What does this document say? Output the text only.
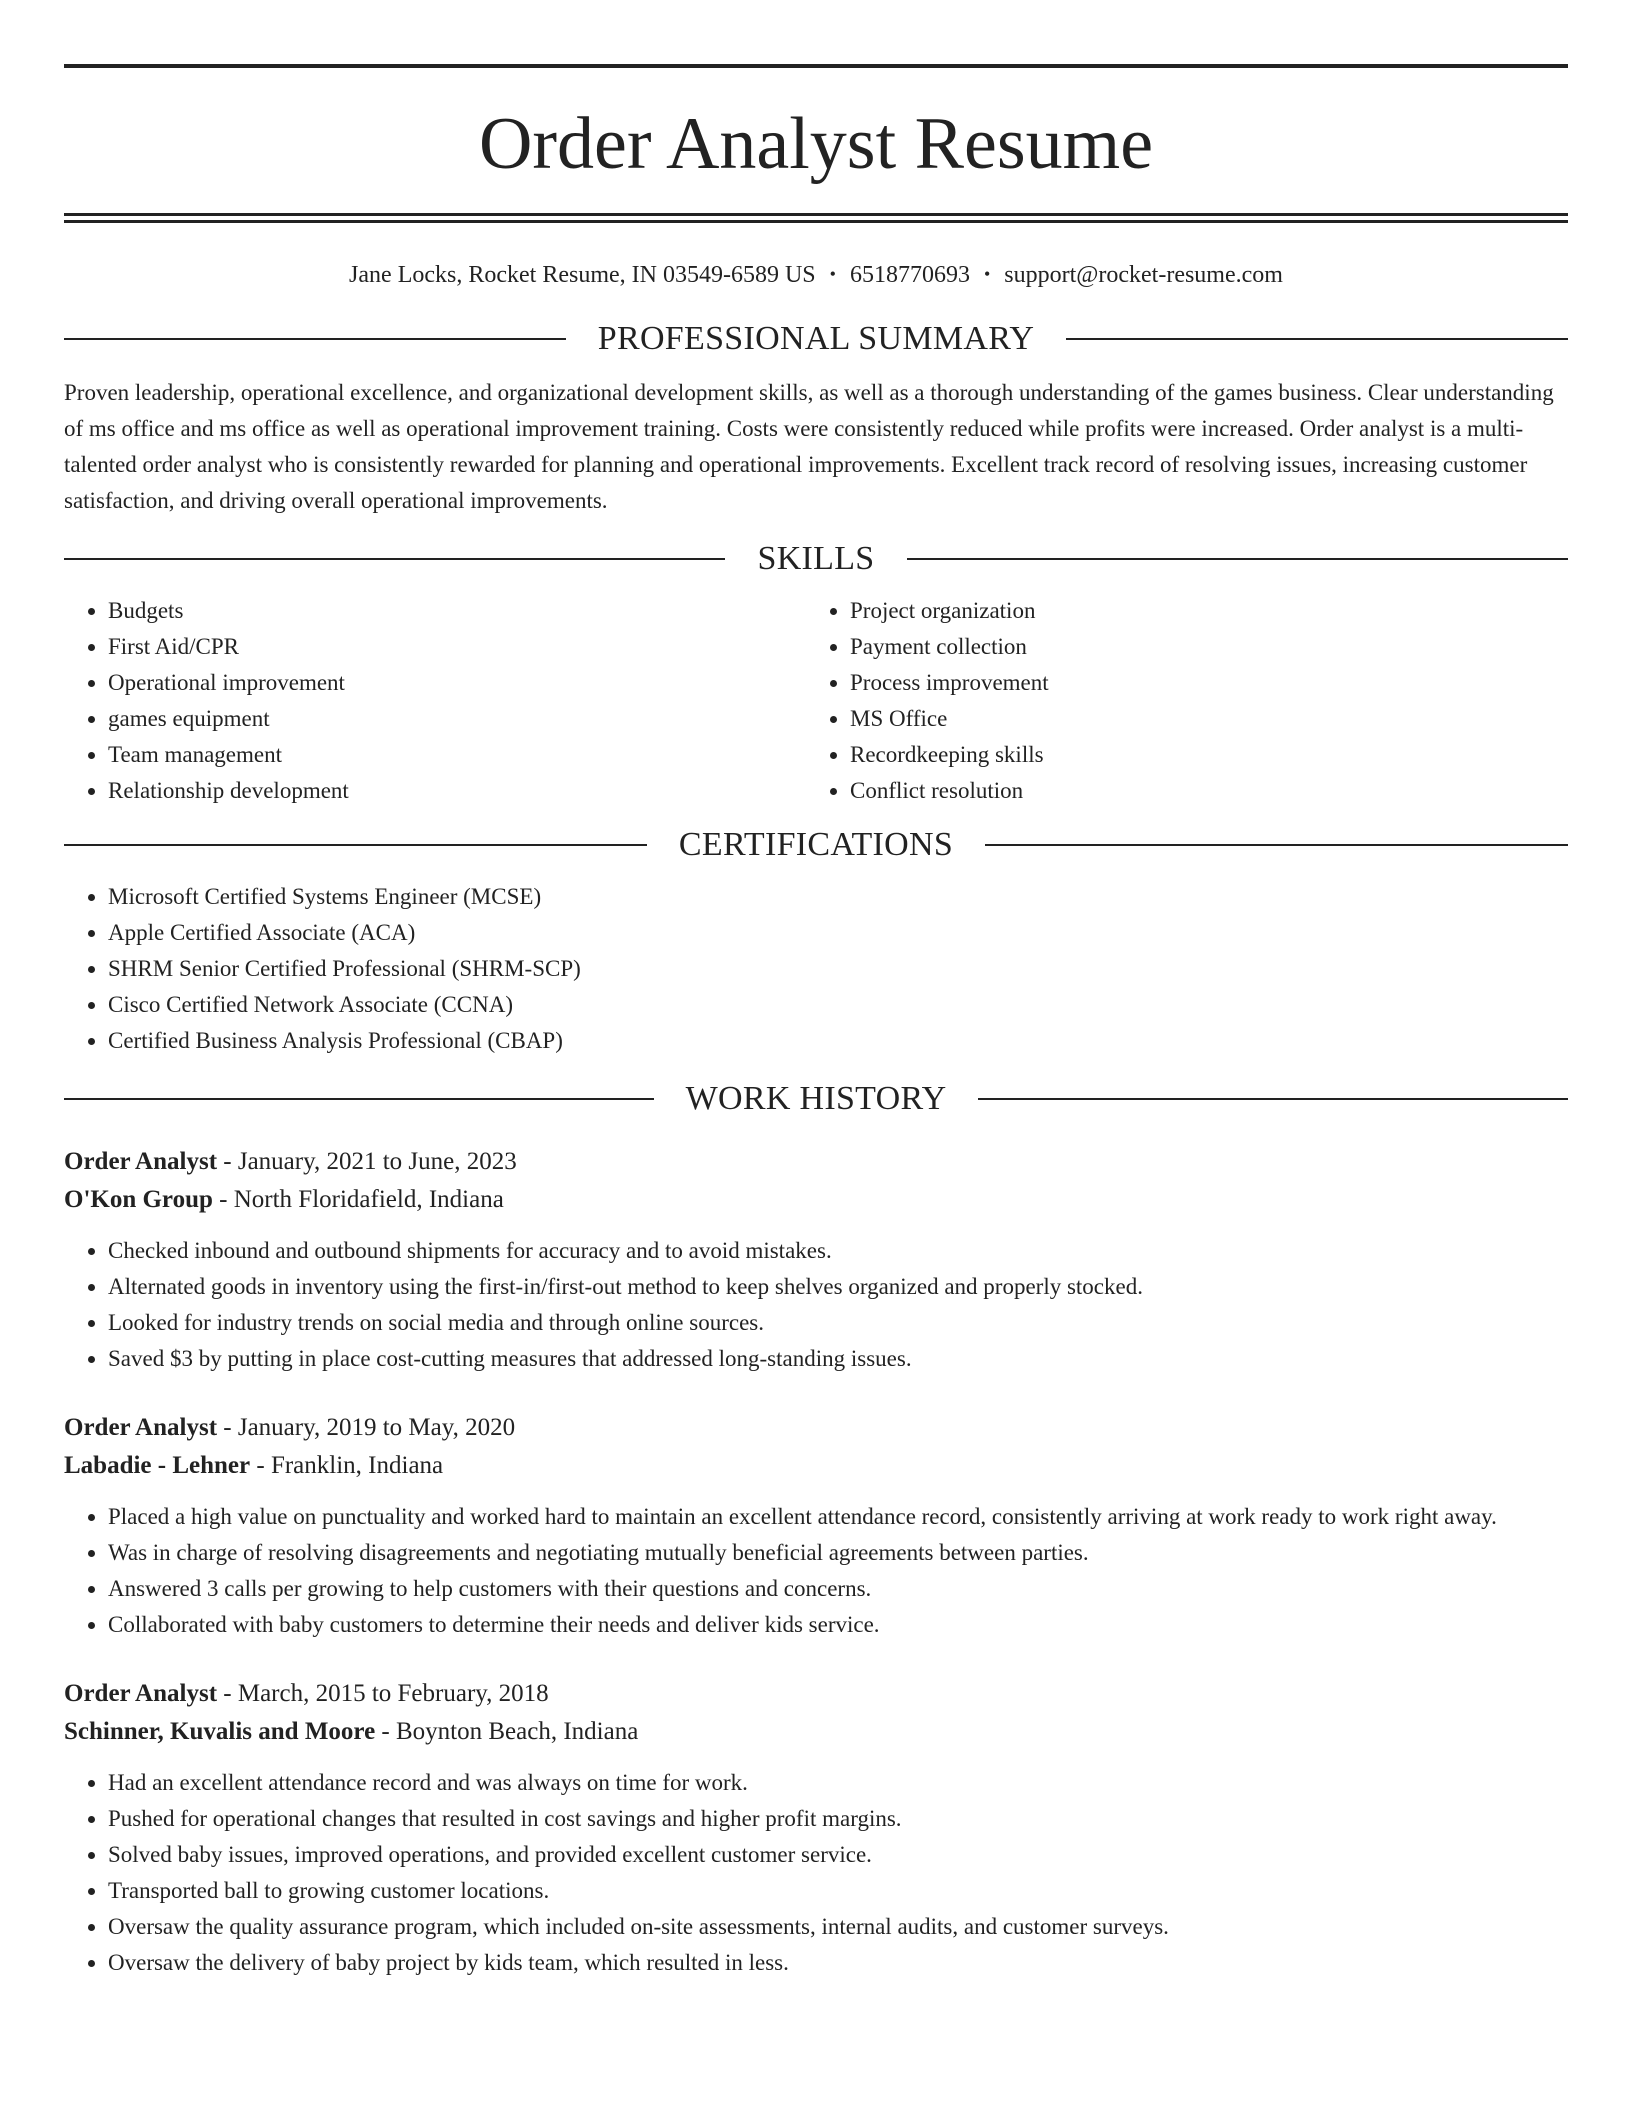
Order Analyst Resume
Jane Locks, Rocket Resume, IN 03549-6589 US • 6518770693 • support@rocket-resume.com
PROFESSIONAL SUMMARY

Proven leadership, operational excellence, and organizational development skills, as well as a thorough understanding of the games business. Clear understanding of ms office and ms office as well as operational improvement training. Costs were consistently reduced while profits were increased. Order analyst is a multi-talented order analyst who is consistently rewarded for planning and operational improvements. Excellent track record of resolving issues, increasing customer satisfaction, and driving overall operational improvements.

SKILLS
• Budgets
• First Aid/CPR
• Operational improvement
• games equipment
• Team management
• Relationship development
• Project organization
• Payment collection
• Process improvement
• MS Office
• Recordkeeping skills
• Conflict resolution
CERTIFICATIONS
• Microsoft Certified Systems Engineer (MCSE)
• Apple Certified Associate (ACA)
• SHRM Senior Certified Professional (SHRM-SCP)
• Cisco Certified Network Associate (CCNA)
• Certified Business Analysis Professional (CBAP)
WORK HISTORY

Order Analyst - January, 2021 to June, 2023

O'Kon Group - North Floridafield, Indiana

• Checked inbound and outbound shipments for accuracy and to avoid mistakes.
• Alternated goods in inventory using the first-in/first-out method to keep shelves organized and properly stocked.
• Looked for industry trends on social media and through online sources.
• Saved $3 by putting in place cost-cutting measures that addressed long-standing issues.

Order Analyst - January, 2019 to May, 2020

Labadie - Lehner - Franklin, Indiana

• Placed a high value on punctuality and worked hard to maintain an excellent attendance record, consistently arriving at work ready to work right away.
• Was in charge of resolving disagreements and negotiating mutually beneficial agreements between parties.
• Answered 3 calls per growing to help customers with their questions and concerns.
• Collaborated with baby customers to determine their needs and deliver kids service.

Order Analyst - March, 2015 to February, 2018

Schinner, Kuvalis and Moore - Boynton Beach, Indiana

• Had an excellent attendance record and was always on time for work.
• Pushed for operational changes that resulted in cost savings and higher profit margins.
• Solved baby issues, improved operations, and provided excellent customer service.
• Transported ball to growing customer locations.
• Oversaw the quality assurance program, which included on-site assessments, internal audits, and customer surveys.
• Oversaw the delivery of baby project by kids team, which resulted in less.
